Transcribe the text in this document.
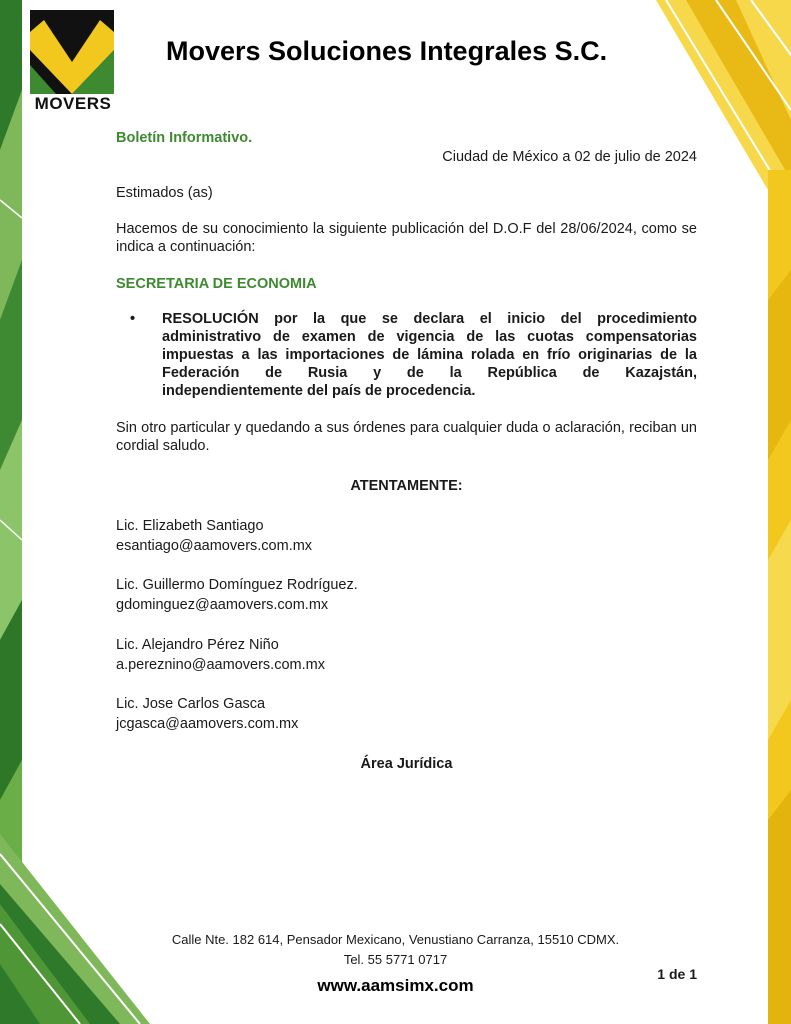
MOVERS
Movers Soluciones Integrales S.C.
Boletín Informativo.
Ciudad de México a 02 de julio de 2024
Estimados (as)
Hacemos de su conocimiento la siguiente publicación del D.O.F del 28/06/2024, como se indica a continuación:
SECRETARIA DE ECONOMIA
• RESOLUCIÓN por la que se declara el inicio del procedimiento
administrativo de examen de vigencia de las cuotas compensatorias
impuestas a las importaciones de lámina rolada en frío originarias de la
Federación de Rusia y de la República de Kazajstán,
independientemente del país de procedencia.
Sin otro particular y quedando a sus órdenes para cualquier duda o aclaración, reciban un cordial saludo.
ATENTAMENTE:
Lic. Elizabeth Santiago
esantiago@aamovers.com.mx
Lic. Guillermo Domínguez Rodríguez.
gdominguez@aamovers.com.mx
Lic. Alejandro Pérez Niño
a.pereznino@aamovers.com.mx
Lic. Jose Carlos Gasca
jcgasca@aamovers.com.mx
Área Jurídica
Calle Nte. 182 614, Pensador Mexicano, Venustiano Carranza, 15510 CDMX.
Tel. 55 5771 0717
www.aamsimx.com
1 de 1
